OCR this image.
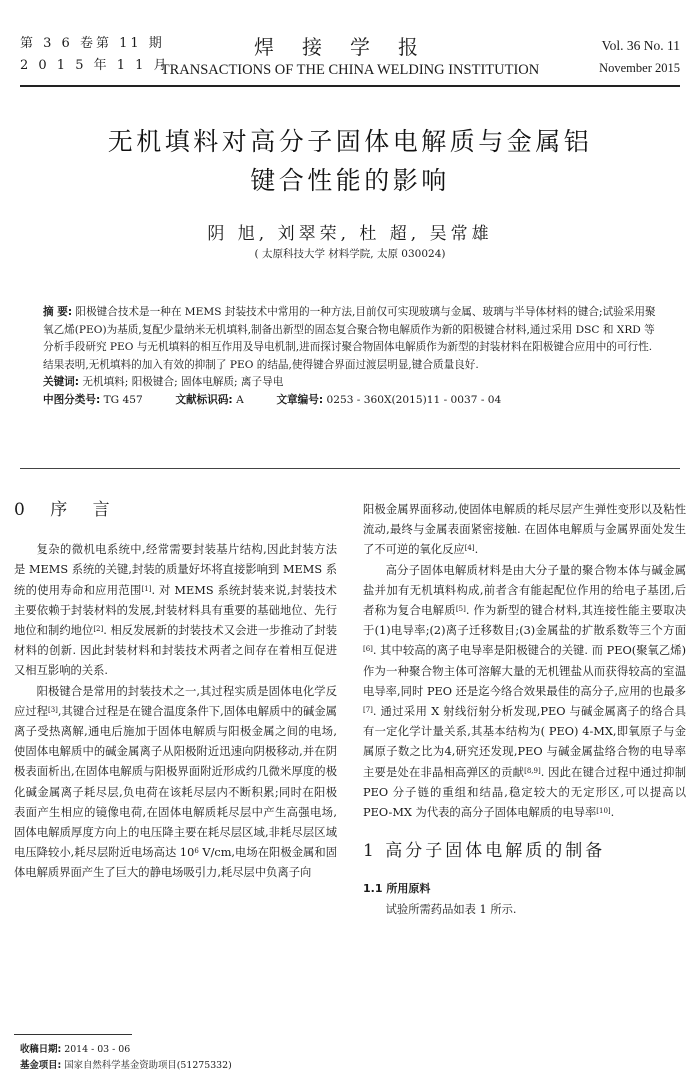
第 3 6 卷第 11 期
2 0 1 5 年 1 1 月
焊接学报
TRANSACTIONS OF THE CHINA WELDING INSTITUTION
Vol. 36 No. 11
November 2015
无机填料对高分子固体电解质与金属铝
键合性能的影响
阴 旭, 刘翠荣, 杜 超, 吴常雄
( 太原科技大学 材料学院, 太原 030024)

摘 要: 阳极键合技术是一种在 MEMS 封装技术中常用的一种方法,目前仅可实现玻璃与金属、玻璃与半导体材料的键合;试验采用聚氧乙烯(PEO)为基质,复配少量纳米无机填料,制备出新型的固态复合聚合物电解质作为新的阳极键合材料,通过采用 DSC 和 XRD 等分析手段研究 PEO 与无机填料的相互作用及导电机制,进而探讨聚合物固体电解质作为新型的封装材料在阳极键合应用中的可行性. 结果表明,无机填料的加入有效的抑制了 PEO 的结晶,使得键合界面过渡层明显,键合质量良好.

关键词: 无机填料; 阳极键合; 固体电解质; 离子导电

中图分类号: TG 457	文献标识码: A	文章编号: 0253 - 360X(2015)11 - 0037 - 04

0 序 言

复杂的微机电系统中,经常需要封装基片结构,因此封装方法是 MEMS 系统的关键,封装的质量好坏将直接影响到 MEMS 系统的使用寿命和应用范围[1]. 对 MEMS 系统封装来说,封装技术主要依赖于封装材料的发展,封装材料具有重要的基础地位、先行地位和制约地位[2]. 相反发展新的封装技术又会进一步推动了封装材料的创新. 因此封装材料和封装技术两者之间存在着相互促进又相互影响的关系.

阳极键合是常用的封装技术之一,其过程实质是固体电化学反应过程[3],其键合过程是在键合温度条件下,固体电解质中的碱金属离子受热离解,通电后施加于固体电解质与阳极金属之间的电场,使固体电解质中的碱金属离子从阳极附近迅速向阴极移动,并在阴极表面析出,在固体电解质与阳极界面附近形成约几微米厚度的极化碱金属离子耗尽层,负电荷在该耗尽层内不断积累;同时在阳极表面产生相应的镜像电荷,在固体电解质耗尽层中产生高强电场,固体电解质厚度方向上的电压降主要在耗尽层区域,非耗尽层区域电压降较小,耗尽层附近电场高达 $10^6$ V/cm,电场在阳极金属和固体电解质界面产生了巨大的静电场吸引力,耗尽层中负离子向

阳极金属界面移动,使固体电解质的耗尽层产生弹性变形以及粘性流动,最终与金属表面紧密接触. 在固体电解质与金属界面处发生了不可逆的氧化反应[4].

高分子固体电解质材料是由大分子量的聚合物本体与碱金属盐并加有无机填料构成,前者含有能起配位作用的给电子基团,后者称为复合电解质[5]. 作为新型的键合材料,其连接性能主要取决于(1)电导率;(2)离子迁移数目;(3)金属盐的扩散系数等三个方面[6]. 其中较高的离子电导率是阳极键合的关键. 而 PEO(聚氧乙烯)作为一种聚合物主体可溶解大量的无机锂盐从而获得较高的室温电导率,同时 PEO 还是迄今络合效果最佳的高分子,应用的也最多[7]. 通过采用 X 射线衍射分析发现,PEO 与碱金属离子的络合具有一定化学计量关系,其基本结构为( PEO) 4-MX,即氧原子与金属原子数之比为4,研究还发现,PEO 与碱金属盐络合物的电导率主要是处在非晶相高弹区的贡献[8,9]. 因此在键合过程中通过抑制 PEO 分子链的重组和结晶,稳定较大的无定形区,可以提高以 PEO-MX 为代表的高分子固体电解质的电导率[10].

1 高分子固体电解质的制备
1.1 所用原料

试验所需药品如表 1 所示.

收稿日期: 2014 - 03 - 06
基金项目: 国家自然科学基金资助项目(51275332)
